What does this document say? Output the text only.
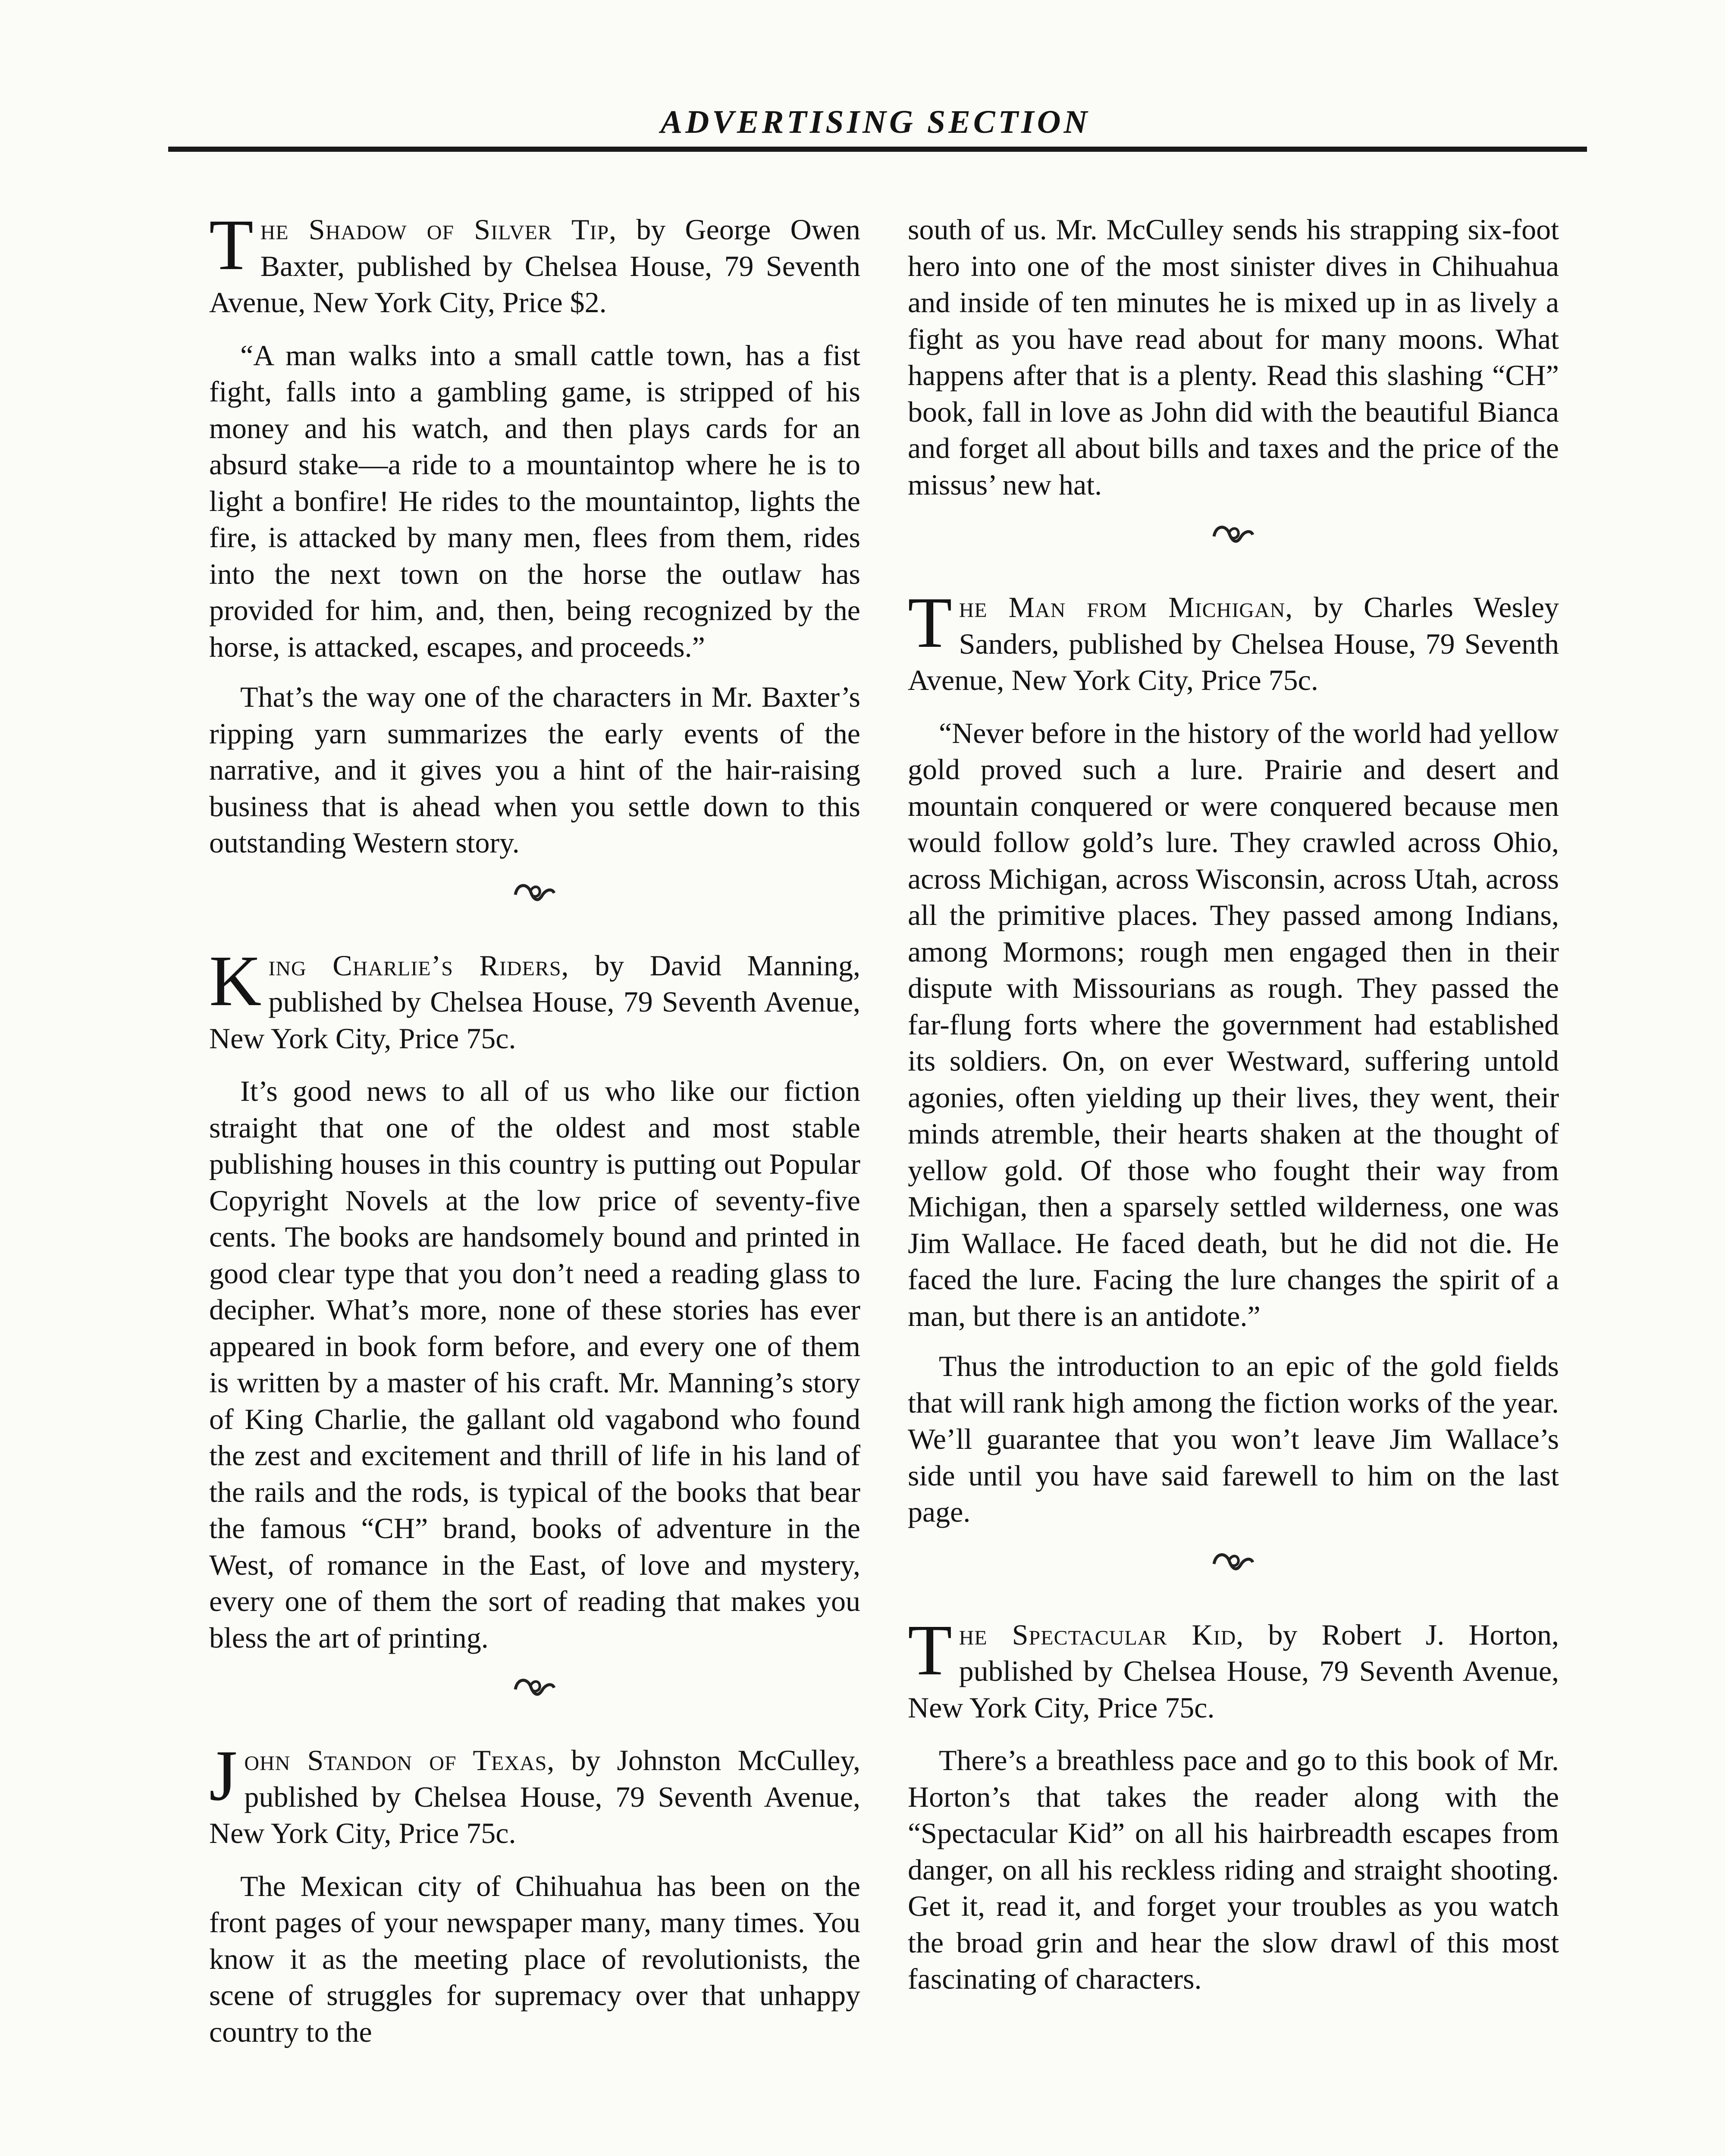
ADVERTISING SECTION
The Shadow of Silver Tip, by George Owen Baxter, published by Chelsea House, 79 Seventh Avenue, New York City, Price $2.

“A man walks into a small cattle town, has a fist fight, falls into a gambling game, is stripped of his money and his watch, and then plays cards for an absurd stake—a ride to a mountaintop where he is to light a bonfire! He rides to the mountaintop, lights the fire, is attacked by many men, flees from them, rides into the next town on the horse the outlaw has provided for him, and, then, being recognized by the horse, is attacked, escapes, and proceeds.”

That’s the way one of the characters in Mr. Baxter’s ripping yarn summarizes the early events of the narrative, and it gives you a hint of the hair-raising business that is ahead when you settle down to this outstanding Western story.

King Charlie’s Riders, by David Manning, published by Chelsea House, 79 Seventh Avenue, New York City, Price 75c.

It’s good news to all of us who like our fiction straight that one of the oldest and most stable publishing houses in this country is putting out Popular Copyright Novels at the low price of seventy-five cents. The books are handsomely bound and printed in good clear type that you don’t need a reading glass to decipher. What’s more, none of these stories has ever appeared in book form before, and every one of them is written by a master of his craft. Mr. Manning’s story of King Charlie, the gallant old vagabond who found the zest and excitement and thrill of life in his land of the rails and the rods, is typical of the books that bear the famous “CH” brand, books of adventure in the West, of romance in the East, of love and mystery, every one of them the sort of reading that makes you bless the art of printing.

John Standon of Texas, by Johnston McCulley, published by Chelsea House, 79 Seventh Avenue, New York City, Price 75c.

The Mexican city of Chihuahua has been on the front pages of your newspaper many, many times. You know it as the meeting place of revolutionists, the scene of struggles for supremacy over that unhappy country to the

south of us. Mr. McCulley sends his strapping six-foot hero into one of the most sinister dives in Chihuahua and inside of ten minutes he is mixed up in as lively a fight as you have read about for many moons. What happens after that is a plenty. Read this slashing “CH” book, fall in love as John did with the beautiful Bianca and forget all about bills and taxes and the price of the missus’ new hat.

The Man from Michigan, by Charles Wesley Sanders, published by Chelsea House, 79 Seventh Avenue, New York City, Price 75c.

“Never before in the history of the world had yellow gold proved such a lure. Prairie and desert and mountain conquered or were conquered because men would follow gold’s lure. They crawled across Ohio, across Michigan, across Wisconsin, across Utah, across all the primitive places. They passed among Indians, among Mormons; rough men engaged then in their dispute with Missourians as rough. They passed the far-flung forts where the government had established its soldiers. On, on ever Westward, suffering untold agonies, often yielding up their lives, they went, their minds atremble, their hearts shaken at the thought of yellow gold. Of those who fought their way from Michigan, then a sparsely settled wilderness, one was Jim Wallace. He faced death, but he did not die. He faced the lure. Facing the lure changes the spirit of a man, but there is an antidote.”

Thus the introduction to an epic of the gold fields that will rank high among the fiction works of the year. We’ll guarantee that you won’t leave Jim Wallace’s side until you have said farewell to him on the last page.

The Spectacular Kid, by Robert J. Horton, published by Chelsea House, 79 Seventh Avenue, New York City, Price 75c.

There’s a breathless pace and go to this book of Mr. Horton’s that takes the reader along with the “Spectacular Kid” on all his hairbreadth escapes from danger, on all his reckless riding and straight shooting. Get it, read it, and forget your troubles as you watch the broad grin and hear the slow drawl of this most fascinating of characters.
